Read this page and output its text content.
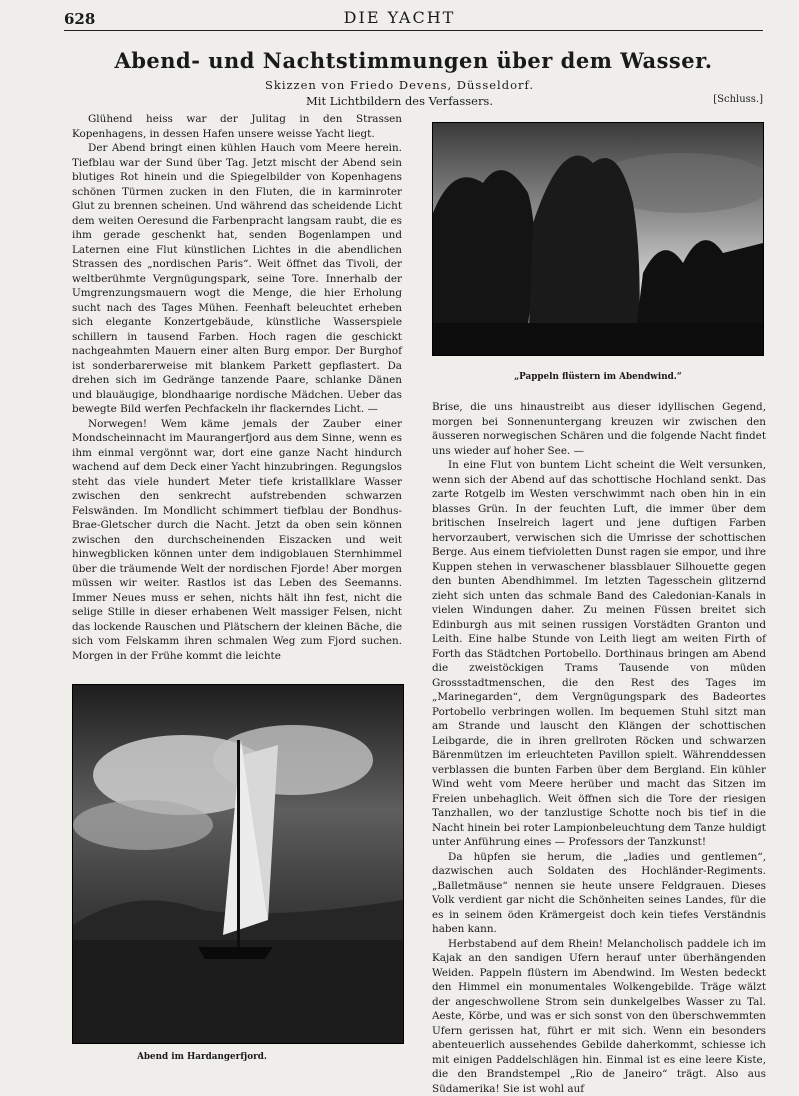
628	DIE YACHT
Abend- und Nachtstimmungen über dem Wasser.
Skizzen von Friedo Devens, Düsseldorf.
Mit Lichtbildern des Verfassers.	[Schluss.]

Glühend heiss war der Julitag in den Strassen Kopenhagens, in dessen Hafen unsere weisse Yacht liegt.

Der Abend bringt einen kühlen Hauch vom Meere herein. Tiefblau war der Sund über Tag. Jetzt mischt der Abend sein blutiges Rot hinein und die Spiegelbilder von Kopenhagens schönen Türmen zucken in den Fluten, die in karminroter Glut zu brennen scheinen. Und während das scheidende Licht dem weiten Oeresund die Farbenpracht langsam raubt, die es ihm gerade geschenkt hat, senden Bogenlampen und Laternen eine Flut künstlichen Lichtes in die abendlichen Strassen des „nordischen Paris“. Weit öffnet das Tivoli, der weltberühmte Vergnügungspark, seine Tore. Innerhalb der Umgrenzungsmauern wogt die Menge, die hier Erholung sucht nach des Tages Mühen. Feenhaft beleuchtet erheben sich elegante Konzertgebäude, künstliche Wasserspiele schillern in tausend Farben. Hoch ragen die geschickt nachgeahmten Mauern einer alten Burg empor. Der Burghof ist sonderbarerweise mit blankem Parkett gepflastert. Da drehen sich im Gedränge tanzende Paare, schlanke Dänen und blauäugige, blondhaarige nordische Mädchen. Ueber das bewegte Bild werfen Pechfackeln ihr flackerndes Licht. —

Norwegen! Wem käme jemals der Zauber einer Mondscheinnacht im Maurangerfjord aus dem Sinne, wenn es ihm einmal vergönnt war, dort eine ganze Nacht hindurch wachend auf dem Deck einer Yacht hinzubringen. Regungslos steht das viele hundert Meter tiefe kristallklare Wasser zwischen den senkrecht aufstrebenden schwarzen Felswänden. Im Mondlicht schimmert tiefblau der Bondhus-Brae-Gletscher durch die Nacht. Jetzt da oben sein können zwischen den durchscheinenden Eiszacken und weit hinwegblicken können unter dem indigoblauen Sternhimmel über die träumende Welt der nordischen Fjorde! Aber morgen müssen wir weiter. Rastlos ist das Leben des Seemanns. Immer Neues muss er sehen, nichts hält ihn fest, nicht die selige Stille in dieser erhabenen Welt massiger Felsen, nicht das lockende Rauschen und Plätschern der kleinen Bäche, die sich vom Felskamm ihren schmalen Weg zum Fjord suchen. Morgen in der Frühe kommt die leichte

„Pappeln flüstern im Abendwind.“
Abend im Hardangerfjord.

Brise, die uns hinaustreibt aus dieser idyllischen Gegend, morgen bei Sonnenuntergang kreuzen wir zwischen den äusseren norwegischen Schären und die folgende Nacht findet uns wieder auf hoher See. —

In eine Flut von buntem Licht scheint die Welt versunken, wenn sich der Abend auf das schottische Hochland senkt. Das zarte Rotgelb im Westen verschwimmt nach oben hin in ein blasses Grün. In der feuchten Luft, die immer über dem britischen Inselreich lagert und jene duftigen Farben hervorzaubert, verwischen sich die Umrisse der schottischen Berge. Aus einem tiefvioletten Dunst ragen sie empor, und ihre Kuppen stehen in verwaschener blassblauer Silhouette gegen den bunten Abendhimmel. Im letzten Tagesschein glitzernd zieht sich unten das schmale Band des Caledonian-Kanals in vielen Windungen daher. Zu meinen Füssen breitet sich Edinburgh aus mit seinen russigen Vorstädten Granton und Leith. Eine halbe Stunde von Leith liegt am weiten Firth of Forth das Städtchen Portobello. Dorthinaus bringen am Abend die zweistöckigen Trams Tausende von müden Grossstadtmenschen, die den Rest des Tages im „Marinegarden“, dem Vergnügungspark des Badeortes Portobello verbringen wollen. Im bequemen Stuhl sitzt man am Strande und lauscht den Klängen der schottischen Leibgarde, die in ihren grellroten Röcken und schwarzen Bärenmützen im erleuchteten Pavillon spielt. Währenddessen verblassen die bunten Farben über dem Bergland. Ein kühler Wind weht vom Meere herüber und macht das Sitzen im Freien unbehaglich. Weit öffnen sich die Tore der riesigen Tanzhallen, wo der tanzlustige Schotte noch bis tief in die Nacht hinein bei roter Lampionbeleuchtung dem Tanze huldigt unter Anführung eines — Professors der Tanzkunst!

Da hüpfen sie herum, die „ladies und gentlemen“, dazwischen auch Soldaten des Hochländer-Regiments. „Balletmäuse“ nennen sie heute unsere Feldgrauen. Dieses Volk verdient gar nicht die Schönheiten seines Landes, für die es in seinem öden Krämergeist doch kein tiefes Verständnis haben kann.

Herbstabend auf dem Rhein! Melancholisch paddele ich im Kajak an den sandigen Ufern herauf unter überhängenden Weiden. Pappeln flüstern im Abendwind. Im Westen bedeckt den Himmel ein monumentales Wolkengebilde. Träge wälzt der angeschwollene Strom sein dunkelgelbes Wasser zu Tal. Aeste, Körbe, und was er sich sonst von den überschwemmten Ufern gerissen hat, führt er mit sich. Wenn ein besonders abenteuerlich aussehendes Gebilde daherkommt, schiesse ich mit einigen Paddelschlägen hin. Einmal ist es eine leere Kiste, die den Brandstempel „Rio de Janeiro“ trägt. Also aus Südamerika! Sie ist wohl auf
